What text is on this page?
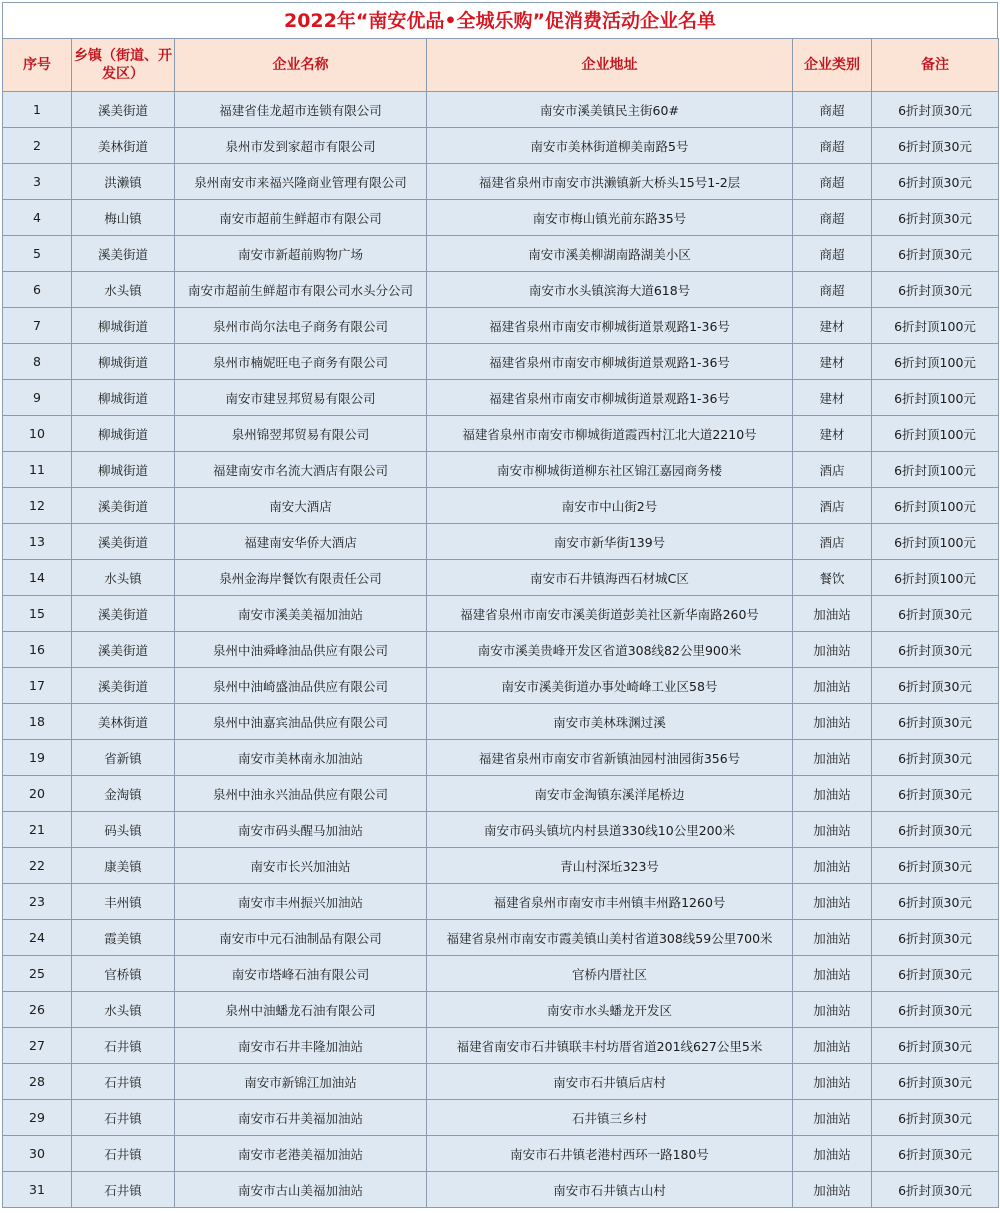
2022年“南安优品•全城乐购”促消费活动企业名单
序号	乡镇（街道、开发区）	企业名称	企业地址	企业类别	备注
1	溪美街道	福建省佳龙超市连锁有限公司	南安市溪美镇民主街60#	商超	6折封顶30元
2	美林街道	泉州市发到家超市有限公司	南安市美林街道柳美南路5号	商超	6折封顶30元
3	洪濑镇	泉州南安市来福兴隆商业管理有限公司	福建省泉州市南安市洪濑镇新大桥头15号1-2层	商超	6折封顶30元
4	梅山镇	南安市超前生鲜超市有限公司	南安市梅山镇光前东路35号	商超	6折封顶30元
5	溪美街道	南安市新超前购物广场	南安市溪美柳湖南路湖美小区	商超	6折封顶30元
6	水头镇	南安市超前生鲜超市有限公司水头分公司	南安市水头镇滨海大道618号	商超	6折封顶30元
7	柳城街道	泉州市尚尔法电子商务有限公司	福建省泉州市南安市柳城街道景观路1-36号	建材	6折封顶100元
8	柳城街道	泉州市楠妮旺电子商务有限公司	福建省泉州市南安市柳城街道景观路1-36号	建材	6折封顶100元
9	柳城街道	南安市建昱邦贸易有限公司	福建省泉州市南安市柳城街道景观路1-36号	建材	6折封顶100元
10	柳城街道	泉州锦翌邦贸易有限公司	福建省泉州市南安市柳城街道霞西村江北大道2210号	建材	6折封顶100元
11	柳城街道	福建南安市名流大酒店有限公司	南安市柳城街道柳东社区锦江嘉园商务楼	酒店	6折封顶100元
12	溪美街道	南安大酒店	南安市中山街2号	酒店	6折封顶100元
13	溪美街道	福建南安华侨大酒店	南安市新华街139号	酒店	6折封顶100元
14	水头镇	泉州金海岸餐饮有限责任公司	南安市石井镇海西石材城C区	餐饮	6折封顶100元
15	溪美街道	南安市溪美美福加油站	福建省泉州市南安市溪美街道彭美社区新华南路260号	加油站	6折封顶30元
16	溪美街道	泉州中油舜峰油品供应有限公司	南安市溪美贵峰开发区省道308线82公里900米	加油站	6折封顶30元
17	溪美街道	泉州中油崎盛油品供应有限公司	南安市溪美街道办事处崎峰工业区58号	加油站	6折封顶30元
18	美林街道	泉州中油嘉宾油品供应有限公司	南安市美林珠渊过溪	加油站	6折封顶30元
19	省新镇	南安市美林南永加油站	福建省泉州市南安市省新镇油园村油园街356号	加油站	6折封顶30元
20	金淘镇	泉州中油永兴油品供应有限公司	南安市金淘镇东溪洋尾桥边	加油站	6折封顶30元
21	码头镇	南安市码头醒马加油站	南安市码头镇坑内村县道330线10公里200米	加油站	6折封顶30元
22	康美镇	南安市长兴加油站	青山村深坵323号	加油站	6折封顶30元
23	丰州镇	南安市丰州振兴加油站	福建省泉州市南安市丰州镇丰州路1260号	加油站	6折封顶30元
24	霞美镇	南安市中元石油制品有限公司	福建省泉州市南安市霞美镇山美村省道308线59公里700米	加油站	6折封顶30元
25	官桥镇	南安市塔峰石油有限公司	官桥内厝社区	加油站	6折封顶30元
26	水头镇	泉州中油蟠龙石油有限公司	南安市水头蟠龙开发区	加油站	6折封顶30元
27	石井镇	南安市石井丰隆加油站	福建省南安市石井镇联丰村坊厝省道201线627公里5米	加油站	6折封顶30元
28	石井镇	南安市新锦江加油站	南安市石井镇后店村	加油站	6折封顶30元
29	石井镇	南安市石井美福加油站	石井镇三乡村	加油站	6折封顶30元
30	石井镇	南安市老港美福加油站	南安市石井镇老港村西环一路180号	加油站	6折封顶30元
31	石井镇	南安市古山美福加油站	南安市石井镇古山村	加油站	6折封顶30元
